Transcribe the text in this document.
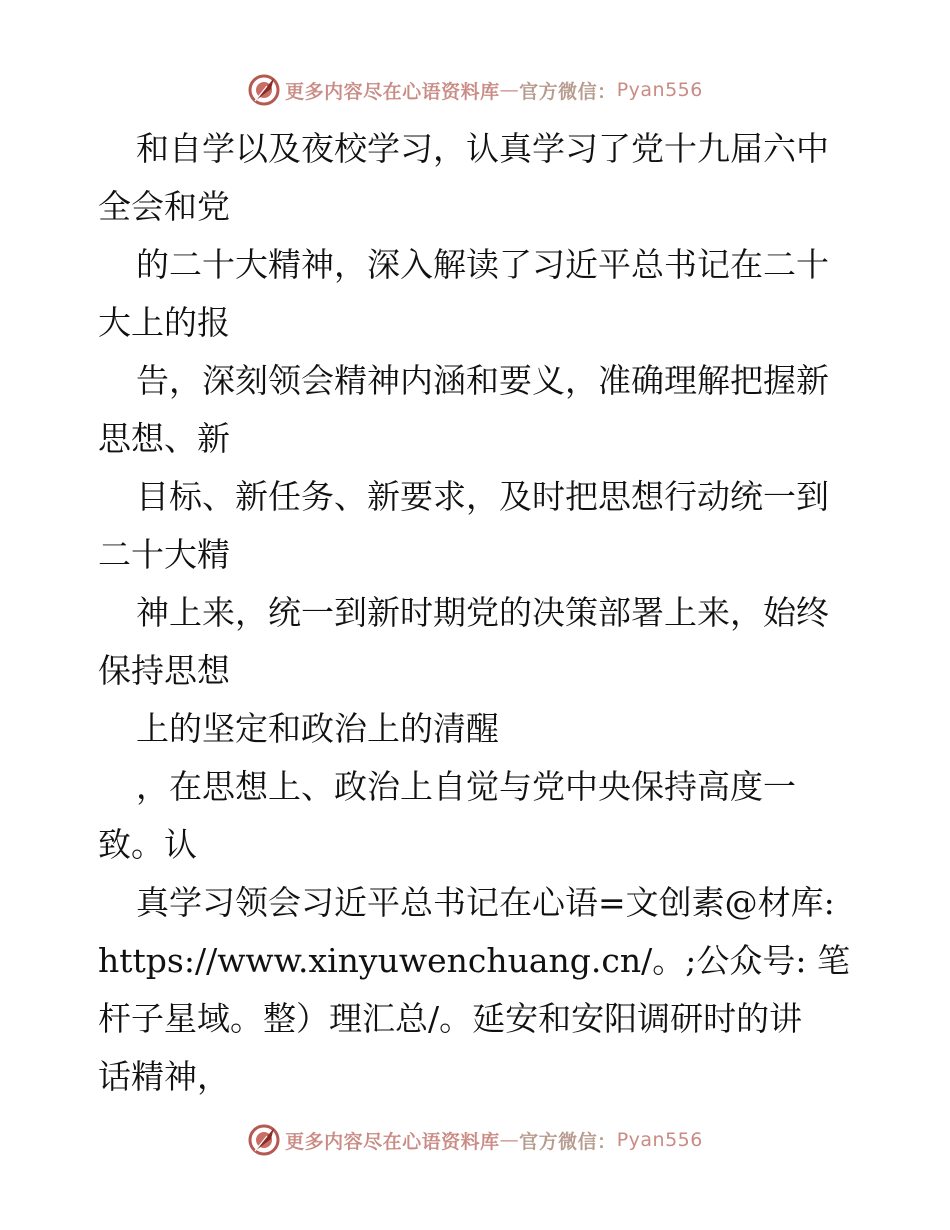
更多内容尽在心语资料库 — 官方微信： Pyan556
和自学以及夜校学习，认真学习了党十九届六中
全会和党
的二十大精神，深入解读了习近平总书记在二十
大上的报
告，深刻领会精神内涵和要义，准确理解把握新
思想、新
目标、新任务、新要求，及时把思想行动统一到
二十大精
神上来，统一到新时期党的决策部署上来，始终
保持思想
上的坚定和政治上的清醒
，在思想上、政治上自觉与党中央保持高度一
致。认
真学习领会习近平总书记在心语=文创素@材库:
https://www.xinyuwenchuang.cn/。;公众号: 笔
杆子星域。整）理汇总/。延安和安阳调研时的讲
话精神，
更多内容尽在心语资料库 — 官方微信： Pyan556
